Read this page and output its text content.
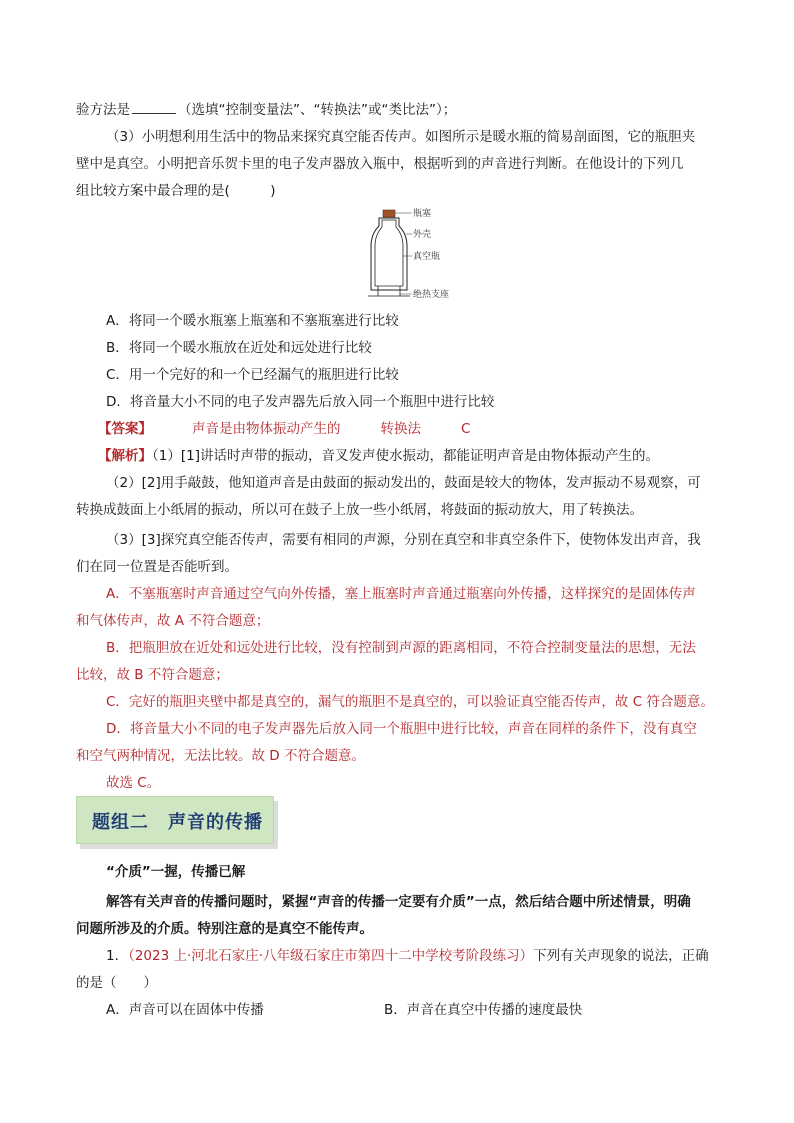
验方法是	（选填“控制变量法”、“转换法”或“类比法”）；
（3）小明想利用生活中的物品来探究真空能否传声。如图所示是暖水瓶的简易剖面图，它的瓶胆夹
壁中是真空。小明把音乐贺卡里的电子发声器放入瓶中，根据听到的声音进行判断。在他设计的下列几
组比较方案中最合理的是(　　　)
瓶塞
外壳
真空瓶
绝热支座
A．将同一个暖水瓶塞上瓶塞和不塞瓶塞进行比较
B．将同一个暖水瓶放在近处和远处进行比较
C．用一个完好的和一个已经漏气的瓶胆进行比较
D．将音量大小不同的电子发声器先后放入同一个瓶胆中进行比较
【答案】	声音是由物体振动产生的	转换法	C
【解析】（1）[1]讲话时声带的振动，音叉发声使水振动，都能证明声音是由物体振动产生的。
（2）[2]用手敲鼓，他知道声音是由鼓面的振动发出的，鼓面是较大的物体，发声振动不易观察，可
转换成鼓面上小纸屑的振动，所以可在鼓子上放一些小纸屑，将鼓面的振动放大，用了转换法。
（3）[3]探究真空能否传声，需要有相同的声源，分别在真空和非真空条件下，使物体发出声音，我
们在同一位置是否能听到。
A．不塞瓶塞时声音通过空气向外传播，塞上瓶塞时声音通过瓶塞向外传播，这样探究的是固体传声
和气体传声，故 A 不符合题意；
B．把瓶胆放在近处和远处进行比较，没有控制到声源的距离相同，不符合控制变量法的思想，无法
比较，故 B 不符合题意；
C．完好的瓶胆夹壁中都是真空的，漏气的瓶胆不是真空的，可以验证真空能否传声，故 C 符合题意。
D．将音量大小不同的电子发声器先后放入同一个瓶胆中进行比较，声音在同样的条件下，没有真空
和空气两种情况，无法比较。故 D 不符合题意。
故选 C。
题组二　声音的传播
“介质”一握，传播已解
解答有关声音的传播问题时，紧握“声音的传播一定要有介质”一点，然后结合题中所述情景，明确
问题所涉及的介质。特别注意的是真空不能传声。
1．（2023 上·河北石家庄·八年级石家庄市第四十二中学校考阶段练习）下列有关声现象的说法，正确
的是（　　）
A．声音可以在固体中传播	B．声音在真空中传播的速度最快
